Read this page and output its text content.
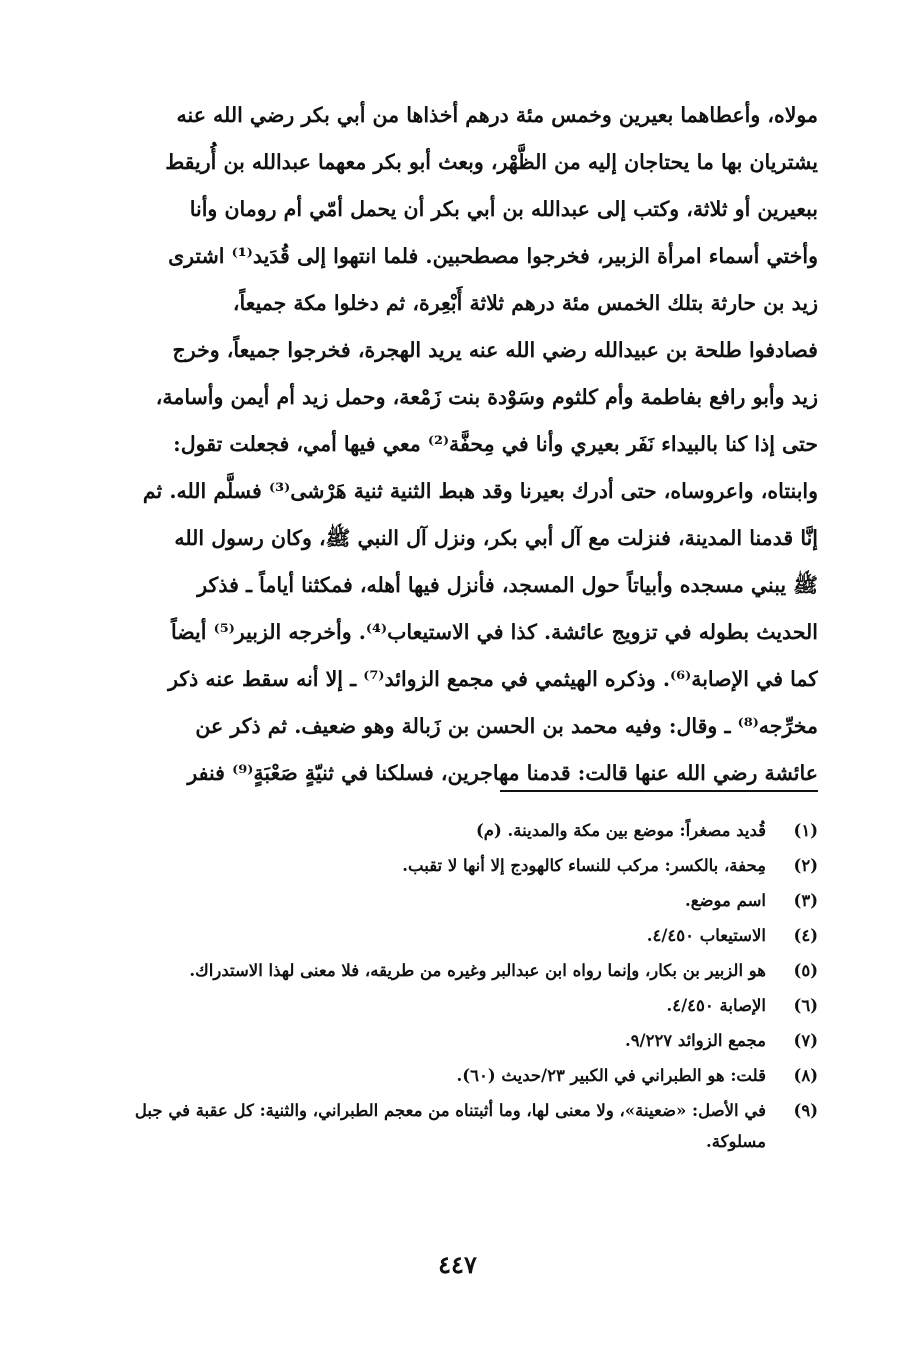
مولاه، وأعطاهما بعيرين وخمس مئة درهم أخذاها من أبي بكر رضي الله عنه
يشتريان بها ما يحتاجان إليه من الظَّهْر، وبعث أبو بكر معهما عبدالله بن أُريقط
ببعيرين أو ثلاثة، وكتب إلى عبدالله بن أبي بكر أن يحمل أمّي أم رومان وأنا
وأختي أسماء امرأة الزبير، فخرجوا مصطحبين. فلما انتهوا إلى قُدَيد⁽¹⁾ اشترى
زيد بن حارثة بتلك الخمس مئة درهم ثلاثة أَبْعِرة، ثم دخلوا مكة جميعاً،
فصادفوا طلحة بن عبيدالله رضي الله عنه يريد الهجرة، فخرجوا جميعاً، وخرج
زيد وأبو رافع بفاطمة وأم كلثوم وسَوْدة بنت زَمْعة، وحمل زيد أم أيمن وأسامة،
حتى إذا كنا بالبيداء نَفَر بعيري وأنا في مِحفَّة⁽²⁾ معي فيها أمي، فجعلت تقول:
وابنتاه، واعروساه، حتى أدرك بعيرنا وقد هبط الثنية ثنية هَرْشى⁽³⁾ فسلَّم الله. ثم
إنَّا قدمنا المدينة، فنزلت مع آل أبي بكر، ونزل آل النبي ﷺ، وكان رسول الله
ﷺ يبني مسجده وأبياتاً حول المسجد، فأنزل فيها أهله، فمكثنا أياماً ـ فذكر
الحديث بطوله في تزويج عائشة. كذا في الاستيعاب⁽⁴⁾. وأخرجه الزبير⁽⁵⁾ أيضاً
كما في الإصابة⁽⁶⁾. وذكره الهيثمي في مجمع الزوائد⁽⁷⁾ ـ إلا أنه سقط عنه ذكر
مخرِّجه⁽⁸⁾ ـ وقال: وفيه محمد بن الحسن بن زَبالة وهو ضعيف. ثم ذكر عن
عائشة رضي الله عنها قالت: قدمنا مهاجرين، فسلكنا في ثنيّةٍ صَعْبَةٍ⁽⁹⁾ فنفر
(١)
قُديد مصغراً: موضع بين مكة والمدينة. (م)
(٢)
مِحفة، بالكسر: مركب للنساء كالهودج إلا أنها لا تقبب.
(٣)
اسم موضع.
(٤)
الاستيعاب ٤/٤٥٠.
(٥)
هو الزبير بن بكار، وإنما رواه ابن عبدالبر وغيره من طريقه، فلا معنى لهذا الاستدراك.
(٦)
الإصابة ٤/٤٥٠.
(٧)
مجمع الزوائد ٩/٢٢٧.
(٨)
قلت: هو الطبراني في الكبير ٢٣/حديث (٦٠).
(٩)
في الأصل: «ضعينة»، ولا معنى لها، وما أثبتناه من معجم الطبراني، والثنية: كل عقبة في جبل مسلوكة.
٤٤٧
